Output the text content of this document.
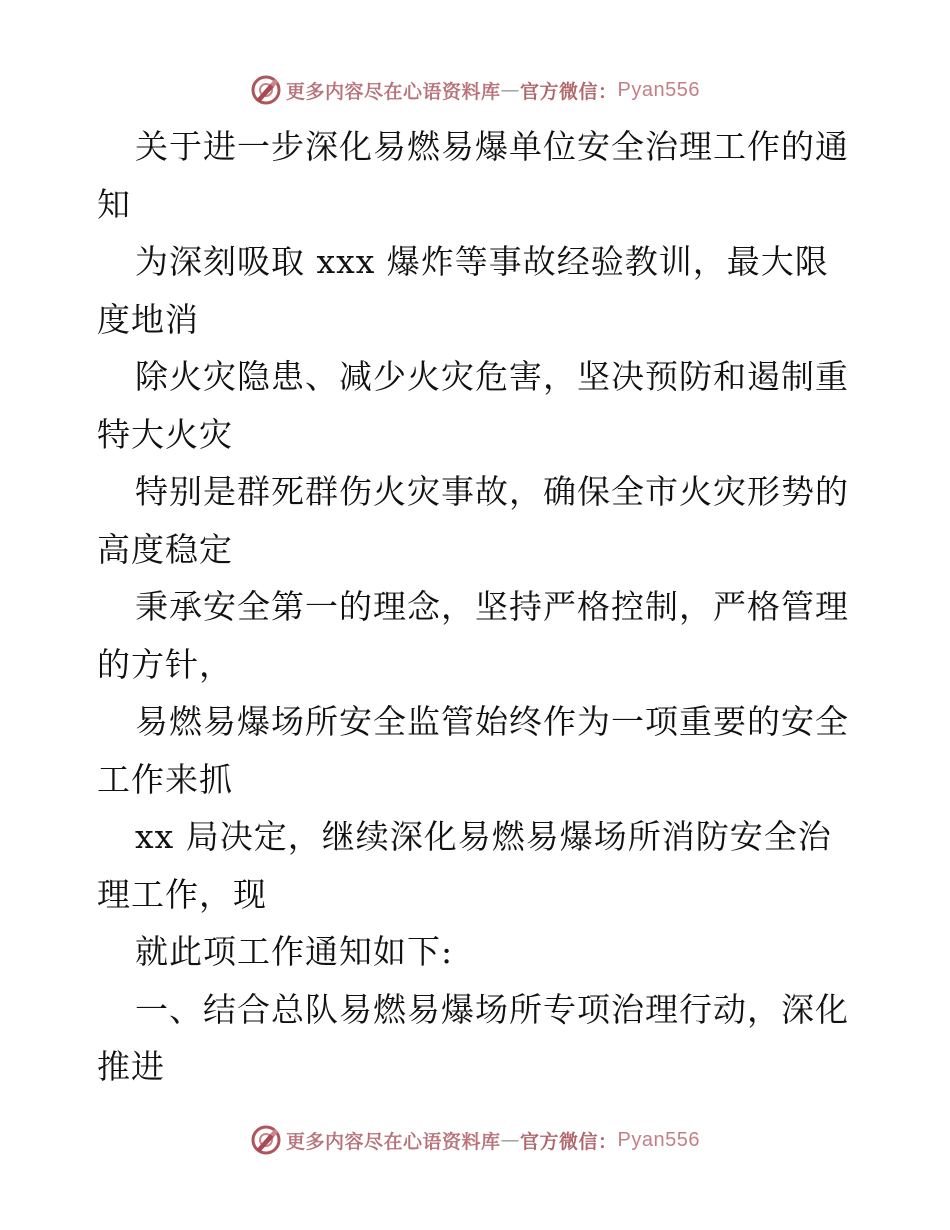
更多内容尽在心语资料库 — 官方微信： Pyan556

关于进一步深化易燃易爆单位安全治理工作的通知

为深刻吸取 xxx 爆炸等事故经验教训，最大限度地消

除火灾隐患、减少火灾危害，坚决预防和遏制重特大火灾

特别是群死群伤火灾事故，确保全市火灾形势的高度稳定

秉承安全第一的理念，坚持严格控制，严格管理的方针，

易燃易爆场所安全监管始终作为一项重要的安全工作来抓

xx 局决定，继续深化易燃易爆场所消防安全治理工作，现

就此项工作通知如下:

一、结合总队易燃易爆场所专项治理行动，深化推进

更多内容尽在心语资料库 — 官方微信： Pyan556
